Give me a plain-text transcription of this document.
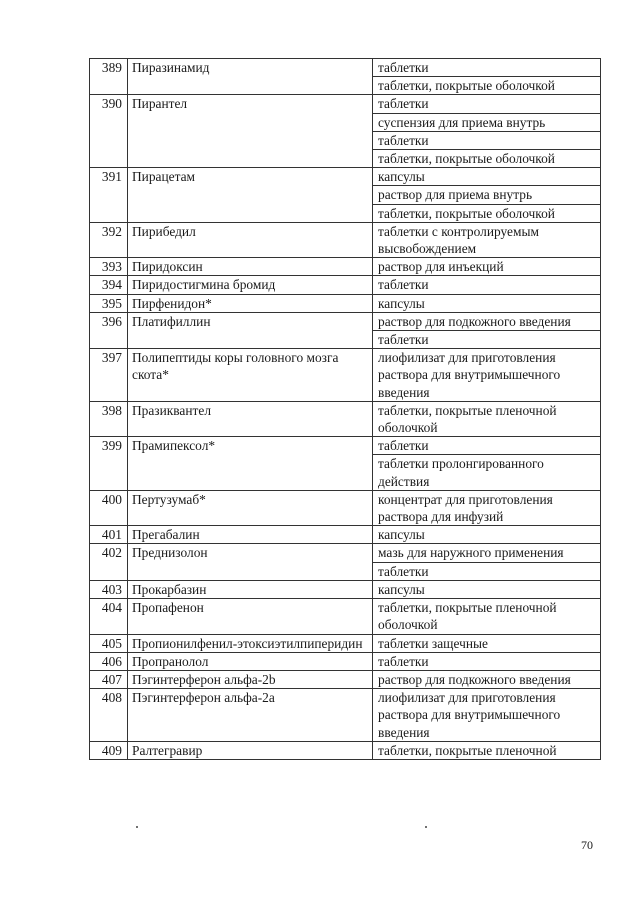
389	Пиразинамид	таблетки
		таблетки, покрытые оболочкой
390	Пирантел	таблетки
		суспензия для приема внутрь
		таблетки
		таблетки, покрытые оболочкой
391	Пирацетам	капсулы
		раствор для приема внутрь
		таблетки, покрытые оболочкой
392	Пирибедил	таблетки с контролируемым высвобождением
393	Пиридоксин	раствор для инъекций
394	Пиридостигмина бромид	таблетки
395	Пирфенидон*	капсулы
396	Платифиллин	раствор для подкожного введения
		таблетки
397	Полипептиды коры головного мозга скота*	лиофилизат для приготовления раствора для внутримышечного введения
398	Празиквантел	таблетки, покрытые пленочной оболочкой
399	Прамипексол*	таблетки
		таблетки пролонгированного действия
400	Пертузумаб*	концентрат для приготовления раствора для инфузий
401	Прегабалин	капсулы
402	Преднизолон	мазь для наружного применения
		таблетки
403	Прокарбазин	капсулы
404	Пропафенон	таблетки, покрытые пленочной оболочкой
405	Пропионилфенил-этоксиэтилпиперидин	таблетки защечные
406	Пропранолол	таблетки
407	Пэгинтерферон альфа-2b	раствор для подкожного введения
408	Пэгинтерферон альфа-2а	лиофилизат для приготовления раствора для внутримышечного введения
409	Ралтегравир	таблетки, покрытые пленочной
70
